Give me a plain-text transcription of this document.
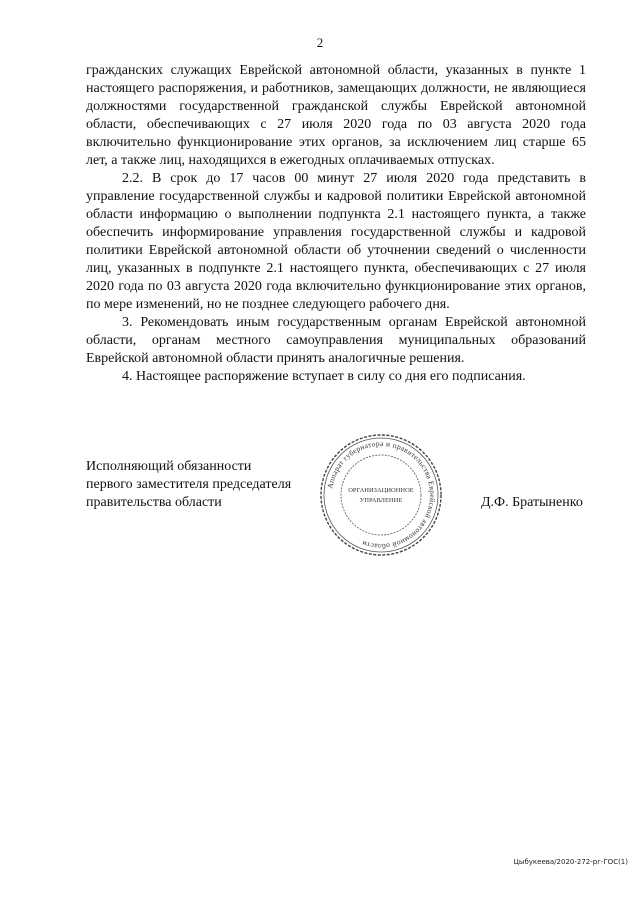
2

гражданских служащих Еврейской автономной области, указанных в пункте 1 настоящего распоряжения, и работников, замещающих должности, не являющиеся должностями государственной гражданской службы Еврейской автономной области, обеспечивающих с 27 июля 2020 года по 03 августа 2020 года включительно функционирование этих органов, за исключением лиц старше 65 лет, а также лиц, находящихся в ежегодных оплачиваемых отпусках.

2.2. В срок до 17 часов 00 минут 27 июля 2020 года представить в управление государственной службы и кадровой политики Еврейской автономной области информацию о выполнении подпункта 2.1 настоящего пункта, а также обеспечить информирование управления государственной службы и кадровой политики Еврейской автономной области об уточнении сведений о численности лиц, указанных в подпункте 2.1 настоящего пункта, обеспечивающих с 27 июля 2020 года по 03 августа 2020 года включительно функционирование этих органов, по мере изменений, но не позднее следующего рабочего дня.

3. Рекомендовать иным государственным органам Еврейской автономной области, органам местного самоуправления муниципальных образований Еврейской автономной области принять аналогичные решения.

4. Настоящее распоряжение вступает в силу со дня его подписания.

Исполняющий обязанности
первого заместителя председателя
правительства области
Аппарат губернатора и правительства Еврейской автономной области
ОРГАНИЗАЦИОННОЕ
УПРАВЛЕНИЕ	Д.Ф. Братыненко
Цыбукеева/2020-272-рг-ГОС(1)
